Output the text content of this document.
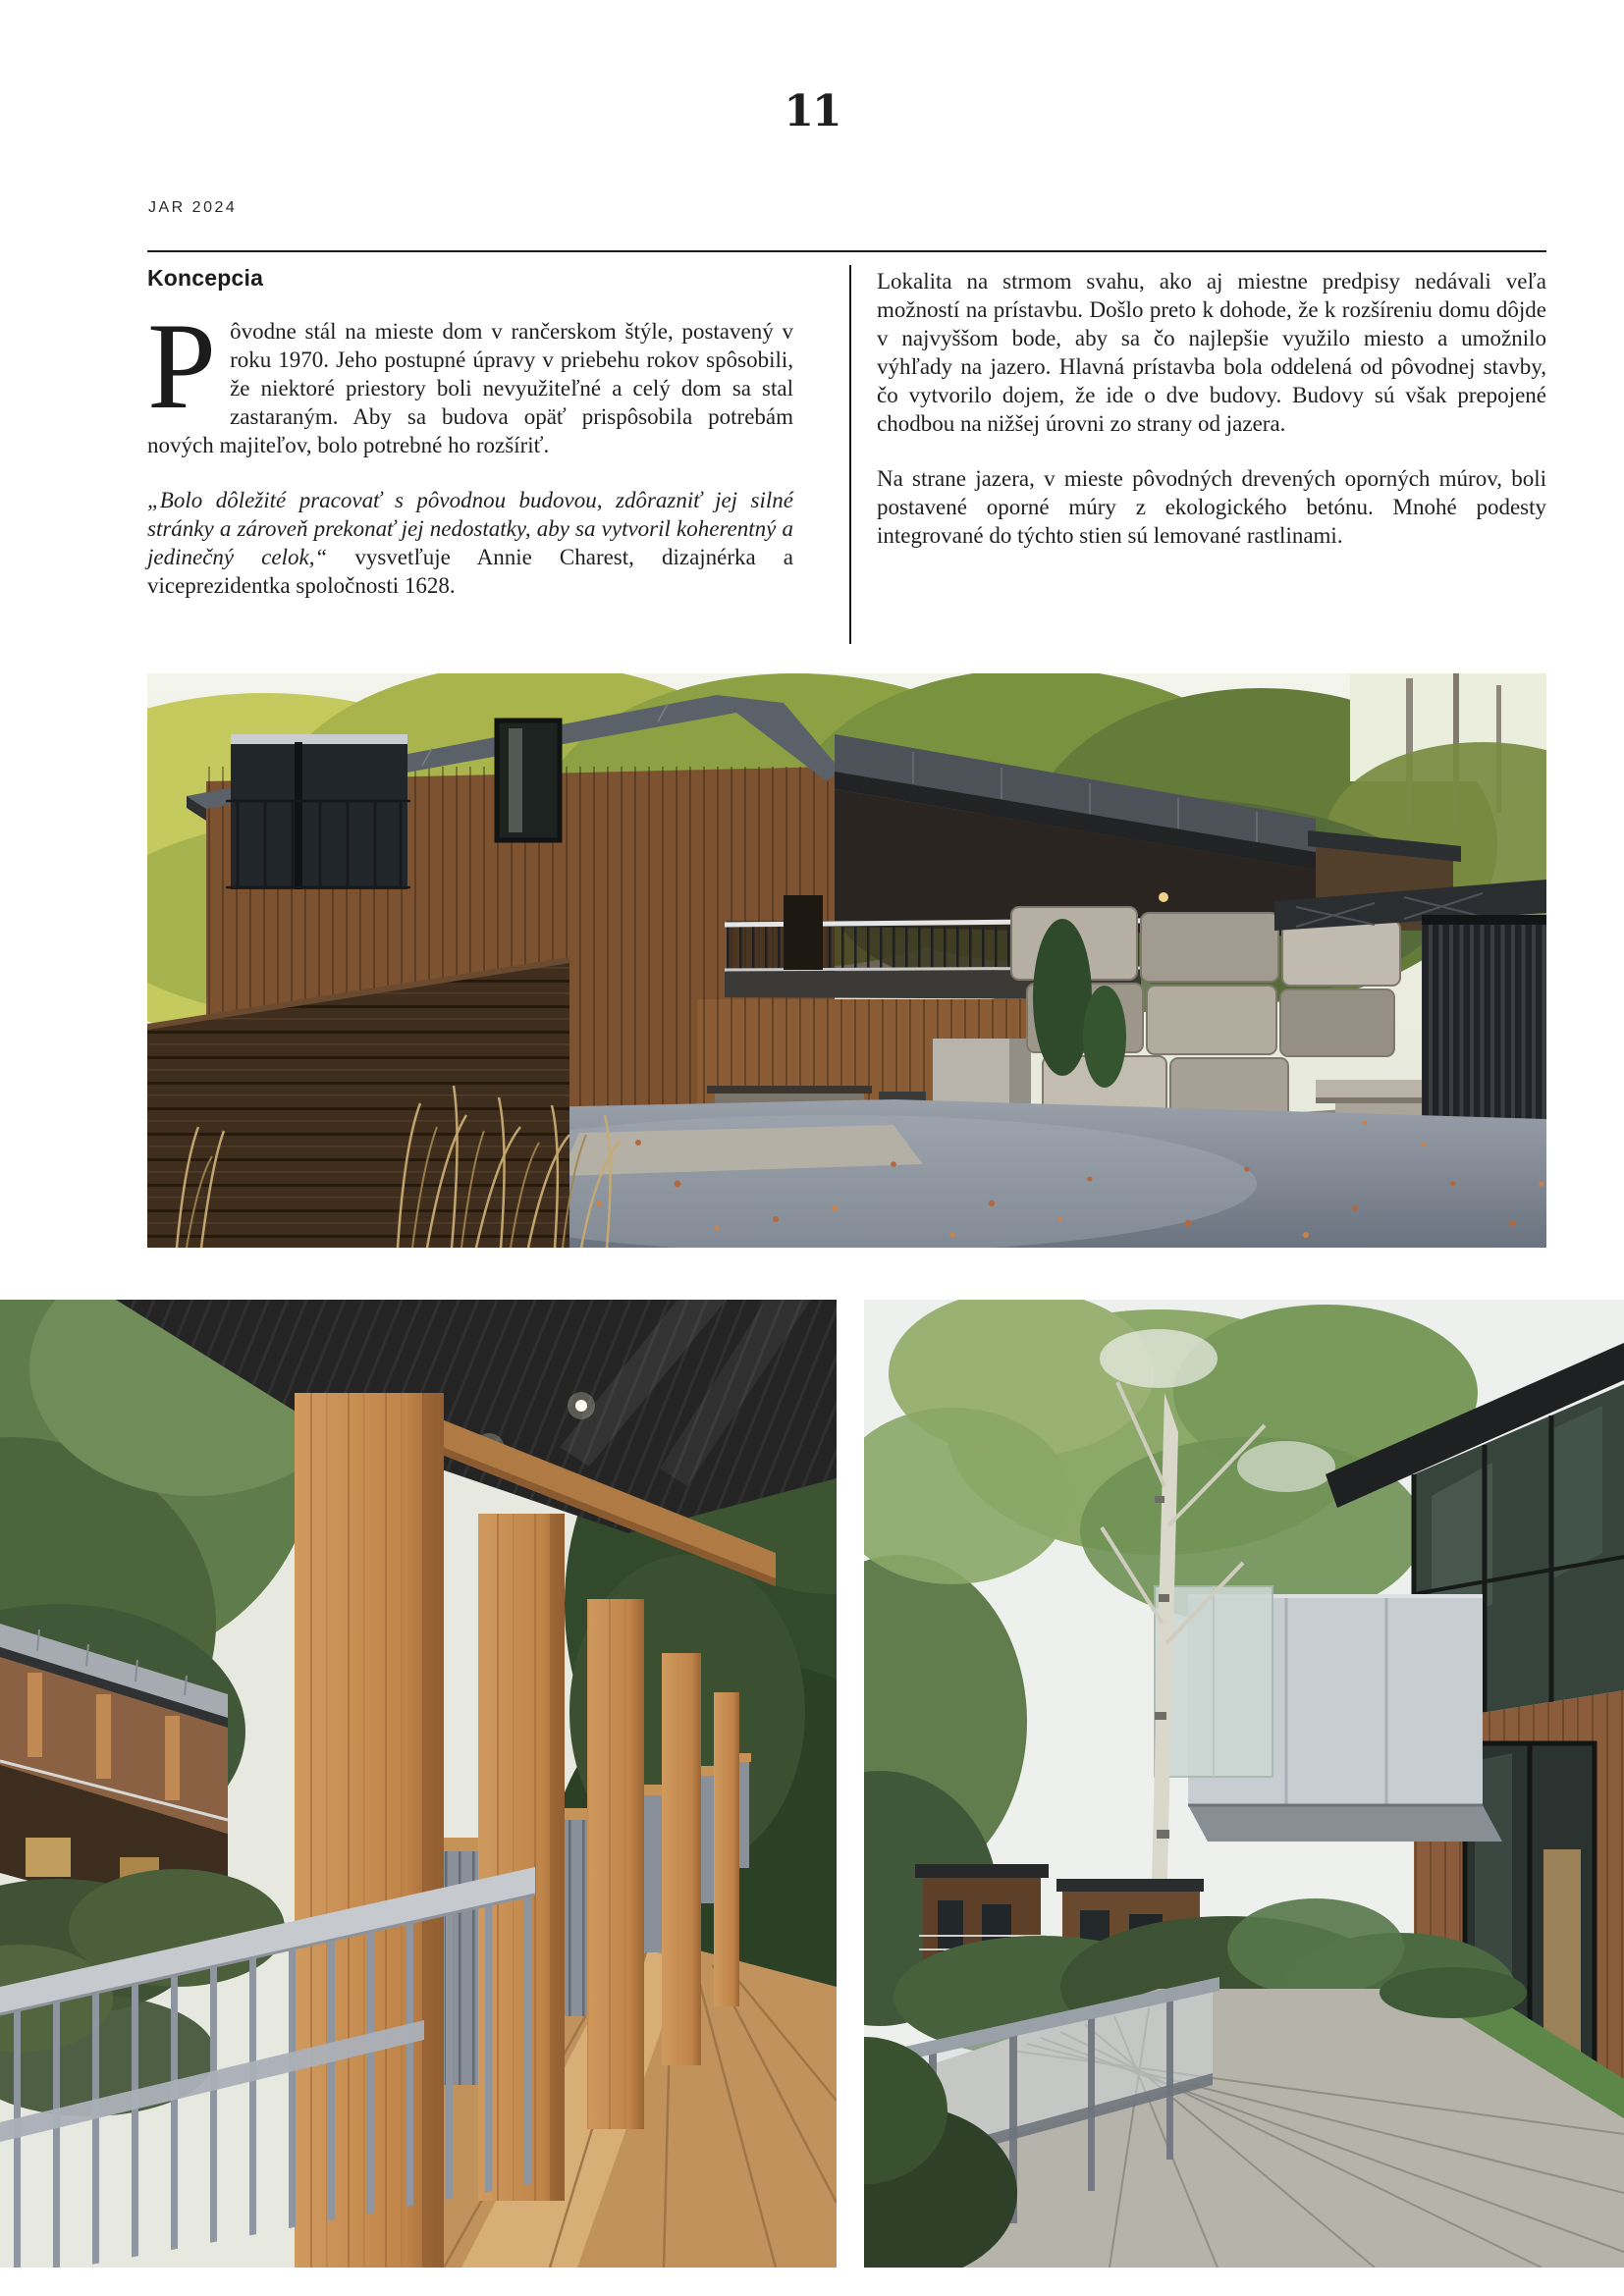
11
JAR 2024
Koncepcia

Pôvodne stál na mieste dom v rančerskom štýle, postavený v roku 1970. Jeho postupné úpravy v priebehu rokov spôsobili, že niektoré priestory boli nevyužiteľné a celý dom sa stal zastaraným. Aby sa budova opäť prispôsobila potrebám nových majiteľov, bolo potrebné ho rozšíriť.

„Bolo dôležité pracovať s pôvodnou budovou, zdôrazniť jej silné stránky a zároveň prekonať jej nedostatky, aby sa vytvoril koherentný a jedinečný celok,“ vysvetľuje Annie Charest, dizajnérka a viceprezidentka spoločnosti 1628.

Lokalita na strmom svahu, ako aj miestne predpisy nedávali veľa možností na prístavbu. Došlo preto k dohode, že k rozšíreniu domu dôjde v najvyššom bode, aby sa čo najlepšie využilo miesto a umožnilo výhľady na jazero. Hlavná prístavba bola oddelená od pôvodnej stavby, čo vytvorilo dojem, že ide o dve budovy. Budovy sú však prepojené chodbou na nižšej úrovni zo strany od jazera.

Na strane jazera, v mieste pôvodných drevených oporných múrov, boli postavené oporné múry z ekologického betónu. Mnohé podesty integrované do týchto stien sú lemované rastlinami.
